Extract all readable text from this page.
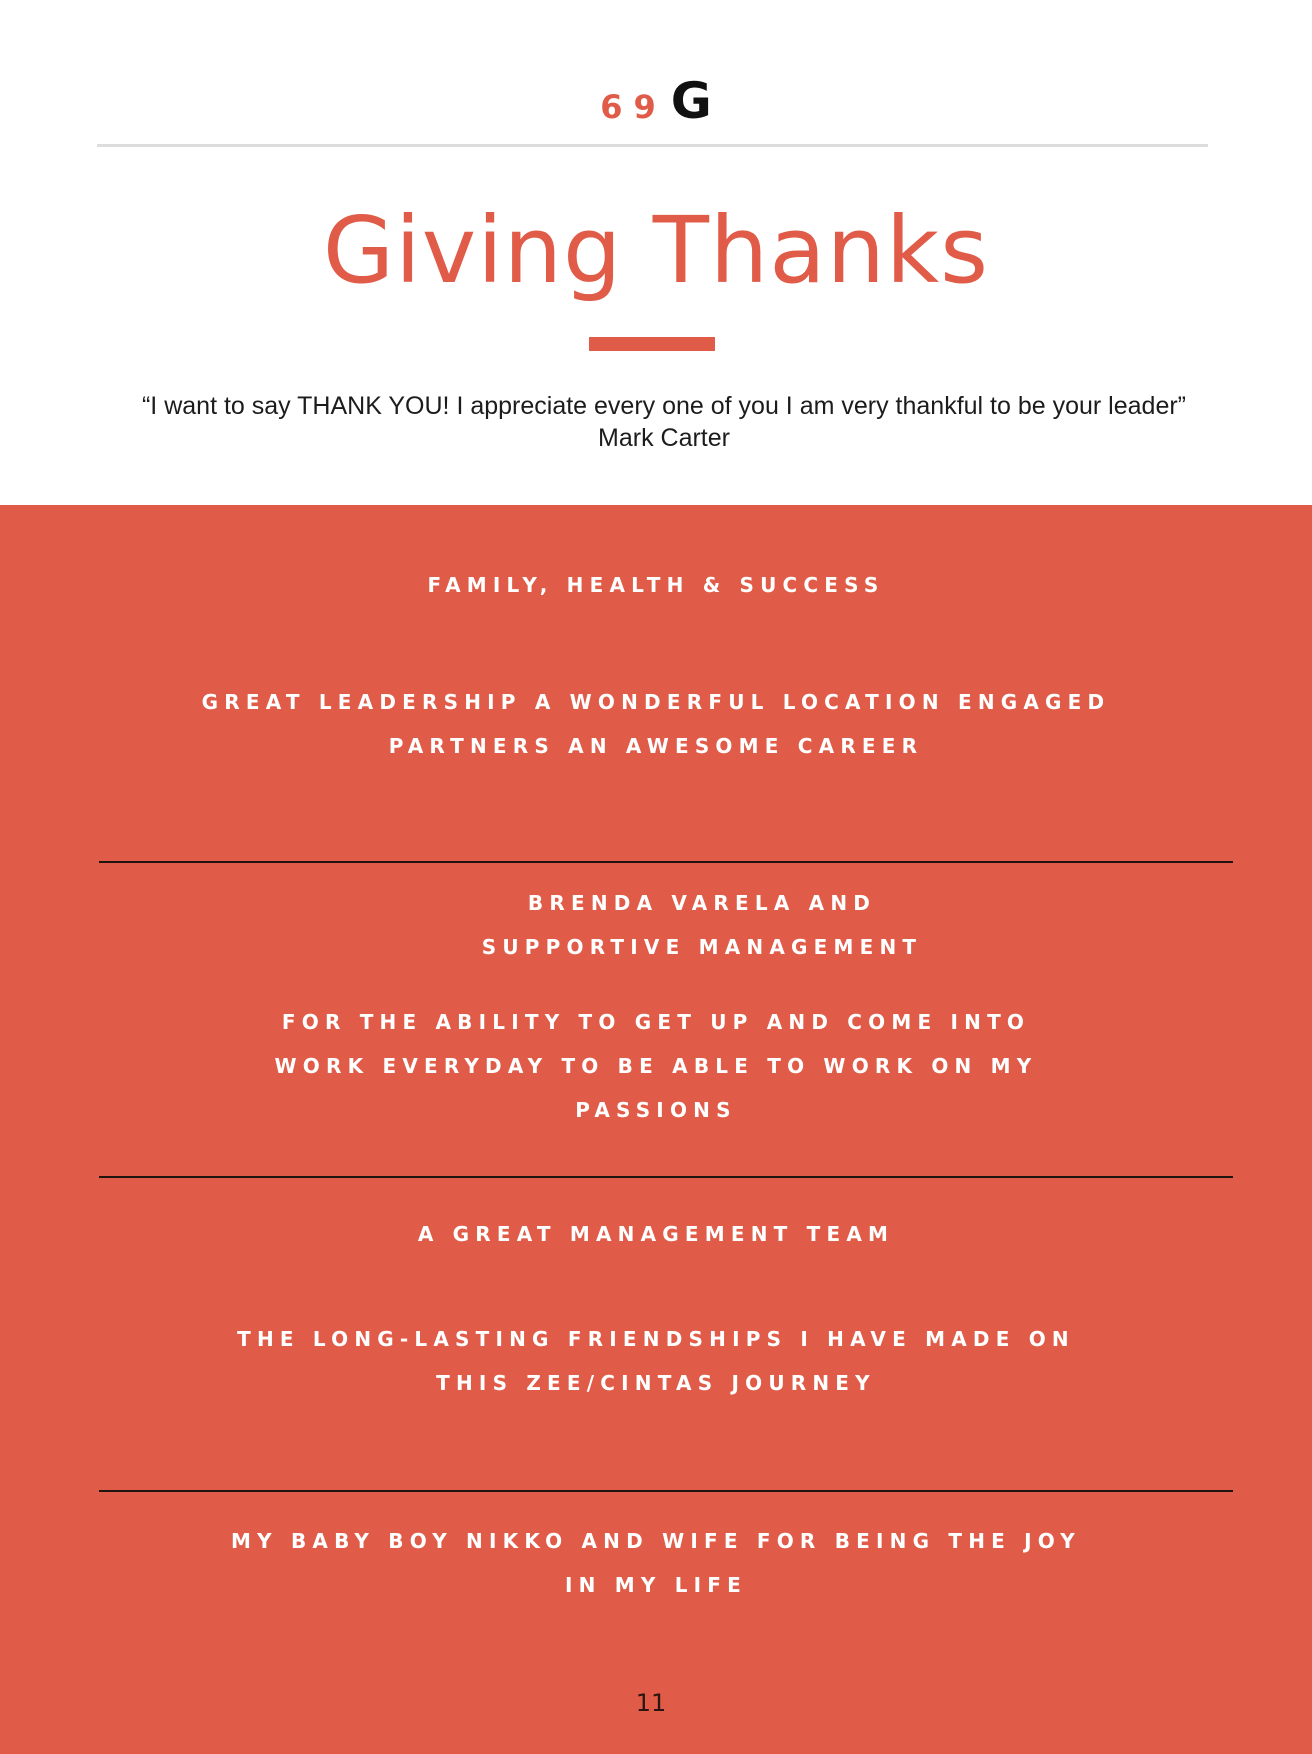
69G
Giving Thanks
“I want to say THANK YOU! I appreciate every one of you I am very thankful to be your leader”
Mark Carter

FAMILY, HEALTH & SUCCESS

GREAT LEADERSHIP A WONDERFUL LOCATION ENGAGED PARTNERS AN AWESOME CAREER

BRENDA VARELA AND SUPPORTIVE MANAGEMENT

FOR THE ABILITY TO GET UP AND COME INTO WORK EVERYDAY TO BE ABLE TO WORK ON MY PASSIONS

A GREAT MANAGEMENT TEAM

THE LONG-LASTING FRIENDSHIPS I HAVE MADE ON THIS ZEE/CINTAS JOURNEY

MY BABY BOY NIKKO AND WIFE FOR BEING THE JOY IN MY LIFE

11
